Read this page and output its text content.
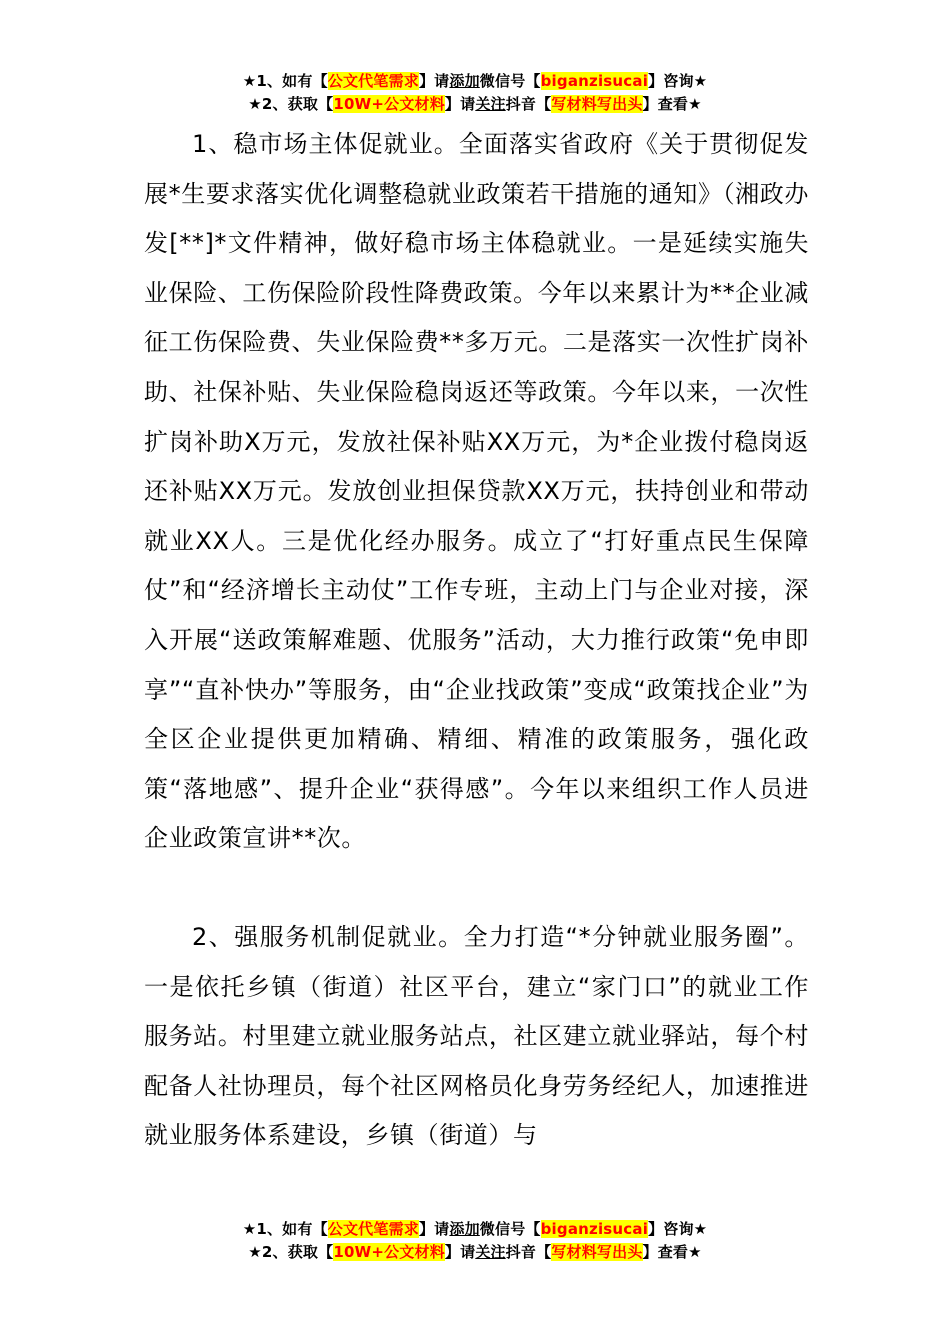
★1、如有【公文代笔需求】请添加微信号【biganzisucai】咨询★
★2、获取【10W+公文材料】请关注抖音【写材料写出头】查看★

1、稳市场主体促就业。全面落实省政府《关于贯彻促发展*生要求落实优化调整稳就业政策若干措施的通知》（湘政办发[**]*文件精神，做好稳市场主体稳就业。一是延续实施失业保险、工伤保险阶段性降费政策。今年以来累计为**企业减征工伤保险费、失业保险费**多万元。二是落实一次性扩岗补助、社保补贴、失业保险稳岗返还等政策。今年以来，一次性扩岗补助X万元，发放社保补贴XX万元，为*企业拨付稳岗返还补贴XX万元。发放创业担保贷款XX万元，扶持创业和带动就业XX人。三是优化经办服务。成立了“打好重点民生保障仗”和“经济增长主动仗”工作专班，主动上门与企业对接，深入开展“送政策解难题、优服务”活动，大力推行政策“免申即享”“直补快办”等服务，由“企业找政策”变成“政策找企业”为全区企业提供更加精确、精细、精准的政策服务，强化政策“落地感”、提升企业“获得感”。今年以来组织工作人员进企业政策宣讲**次。

2、强服务机制促就业。全力打造“*分钟就业服务圈”。一是依托乡镇（街道）社区平台，建立“家门口”的就业工作服务站。村里建立就业服务站点，社区建立就业驿站，每个村配备人社协理员，每个社区网格员化身劳务经纪人，加速推进就业服务体系建设，乡镇（街道）与

★1、如有【公文代笔需求】请添加微信号【biganzisucai】咨询★
★2、获取【10W+公文材料】请关注抖音【写材料写出头】查看★
